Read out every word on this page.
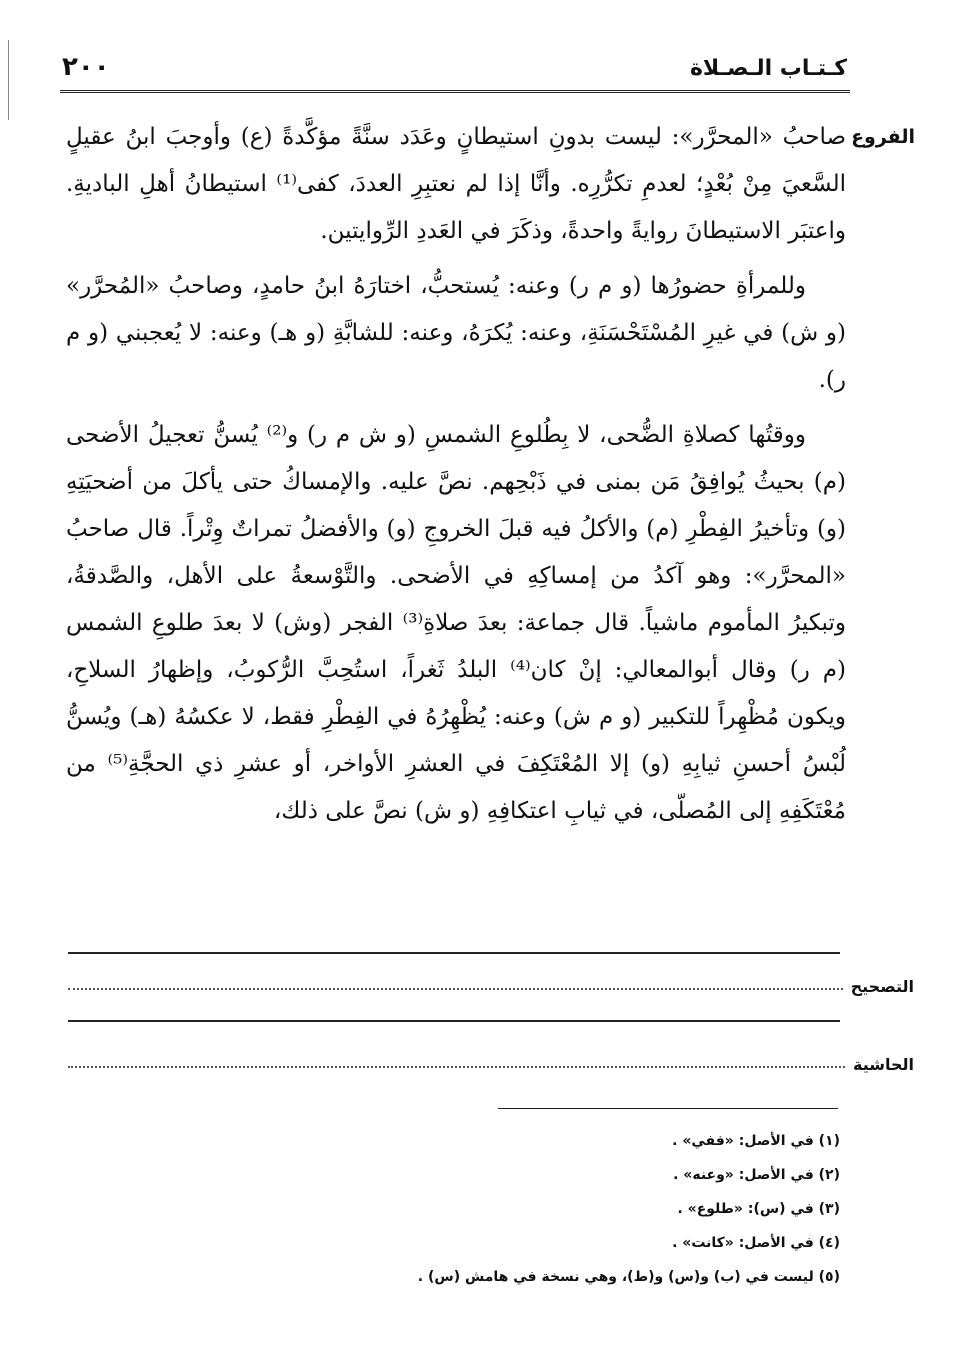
٢٠٠	كـتـاب الـصـلاة
الفروع

صاحبُ «المحرَّر»: ليست بدونِ استيطانٍ وعَدَد سنَّةً مؤكَّدةً (ع) وأوجبَ ابنُ عقيلٍ السَّعيَ مِنْ بُعْدٍ؛ لعدمِ تكرُّرِه. وأنَّا إذا لم نعتبِرِ العددَ، كفى⁽¹⁾ استيطانُ أهلِ الباديةِ. واعتبَر الاستيطانَ روايةً واحدةً، وذكَرَ في العَددِ الرِّوايتين.

وللمرأةِ حضورُها (و م ر) وعنه: يُستحبُّ، اختارَهُ ابنُ حامدٍ، وصاحبُ «المُحرَّر» (و ش) في غيرِ المُسْتَحْسَنَةِ، وعنه: يُكرَهُ، وعنه: للشابَّةِ (و هـ) وعنه: لا يُعجبني (و م ر).

ووقتُها كصلاةِ الضُّحى، لا بِطُلوعِ الشمسِ (و ش م ر) و⁽²⁾ يُسنُّ تعجيلُ الأضحى (م) بحيثُ يُوافِقُ مَن بمنى في ذَبْحِهم. نصَّ عليه. والإمساكُ حتى يأكلَ من أضحيَتِهِ (و) وتأخيرُ الفِطْرِ (م) والأكلُ فيه قبلَ الخروجِ (و) والأفضلُ تمراتٌ وِتْراً. قال صاحبُ «المحرَّر»: وهو آكدُ من إمساكِهِ في الأضحى. والتَّوْسعةُ على الأهل، والصَّدقةُ، وتبكيرُ المأموم ماشياً. قال جماعة: بعدَ صلاةِ⁽³⁾ الفجر (وش) لا بعدَ طلوعِ الشمس (م ر) وقال أبوالمعالي: إنْ كان⁽⁴⁾ البلدُ ثَغراً، استُحِبَّ الرُّكوبُ، وإظهارُ السلاحِ، ويكون مُظْهِراً للتكبير (و م ش) وعنه: يُظْهِرُهُ في الفِطْرِ فقط، لا عكسُهُ (هـ) ويُسنُّ لُبْسُ أحسنِ ثيابِهِ (و) إلا المُعْتَكِفَ في العشرِ الأواخر، أو عشرِ ذي الحجَّةِ⁽⁵⁾ من مُعْتَكَفِهِ إلى المُصلّى، في ثيابِ اعتكافِهِ (و ش) نصَّ على ذلك،

التصحيح
الحاشية
(١) في الأصل: «ففي» .
(٢) في الأصل: «وعنه» .
(٣) في (س): «طلوع» .
(٤) في الأصل: «كانت» .
(٥) ليست في (ب) و(س) و(ط)، وهي نسخة في هامش (س) .
